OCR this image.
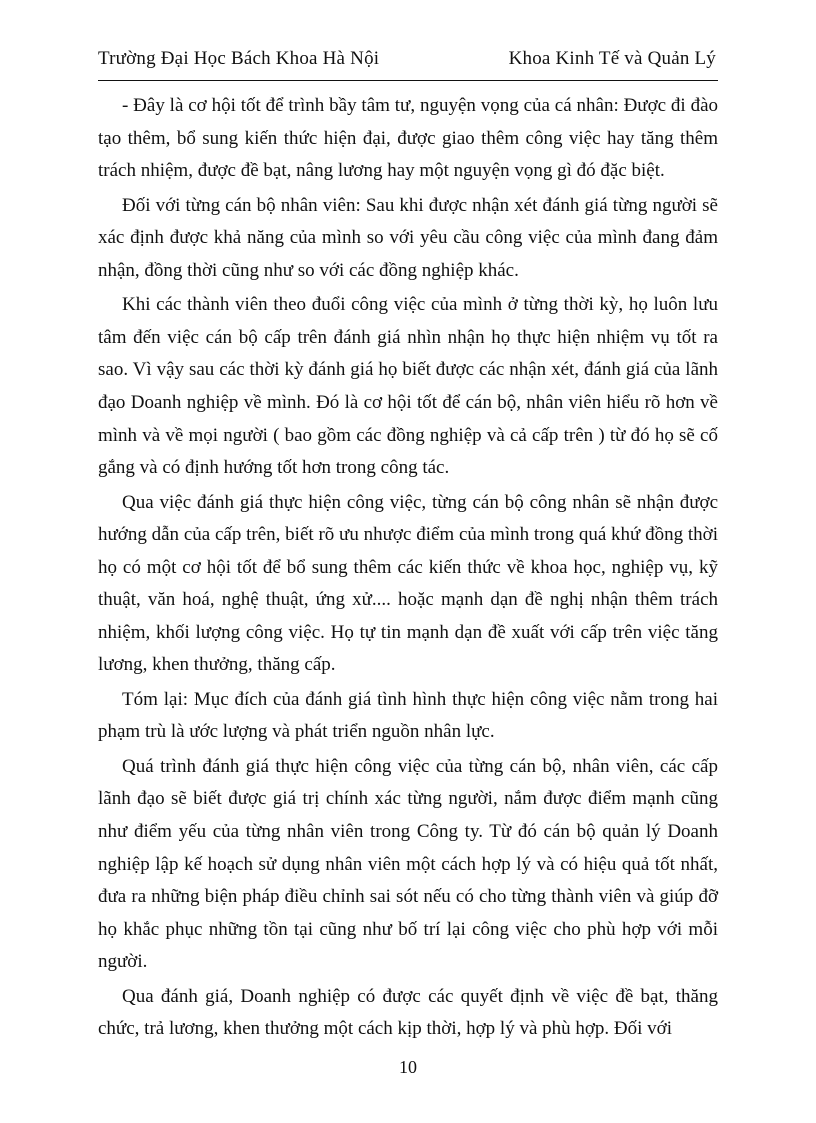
Trường Đại Học Bách Khoa Hà Nội	Khoa Kinh Tế và Quản Lý

- Đây là cơ hội tốt để trình bầy tâm tư, nguyện vọng của cá nhân: Được đi đào tạo thêm, bổ sung kiến thức hiện đại, được giao thêm công việc hay tăng thêm trách nhiệm, được đề bạt, nâng lương hay một nguyện vọng gì đó đặc biệt.

Đối với từng cán bộ nhân viên: Sau khi được nhận xét đánh giá từng người sẽ xác định được khả năng của mình so với yêu cầu công việc của mình đang đảm nhận, đồng thời cũng như so với các đồng nghiệp khác.

Khi các thành viên theo đuổi công việc của mình ở từng thời kỳ, họ luôn lưu tâm đến việc cán bộ cấp trên đánh giá nhìn nhận họ thực hiện nhiệm vụ tốt ra sao. Vì vậy sau các thời kỳ đánh giá họ biết được các nhận xét, đánh giá của lãnh đạo Doanh nghiệp về mình. Đó là cơ hội tốt để cán bộ, nhân viên hiểu rõ hơn về mình và về mọi người ( bao gồm các đồng nghiệp và cả cấp trên ) từ đó họ sẽ cố gắng và có định hướng tốt hơn trong công tác.

Qua việc đánh giá thực hiện công việc, từng cán bộ công nhân sẽ nhận được hướng dẫn của cấp trên, biết rõ ưu nhược điểm của mình trong quá khứ đồng thời họ có một cơ hội tốt để bổ sung thêm các kiến thức về khoa học, nghiệp vụ, kỹ thuật, văn hoá, nghệ thuật, ứng xử.... hoặc mạnh dạn đề nghị nhận thêm trách nhiệm, khối lượng công việc. Họ tự tin mạnh dạn đề xuất với cấp trên việc tăng lương, khen thưởng, thăng cấp.

Tóm lại: Mục đích của đánh giá tình hình thực hiện công việc nằm trong hai phạm trù là ước lượng và phát triển nguồn nhân lực.

Quá trình đánh giá thực hiện công việc của từng cán bộ, nhân viên, các cấp lãnh đạo sẽ biết được giá trị chính xác từng người, nắm được điểm mạnh cũng như điểm yếu của từng nhân viên trong Công ty. Từ đó cán bộ quản lý Doanh nghiệp lập kế hoạch sử dụng nhân viên một cách hợp lý và có hiệu quả tốt nhất, đưa ra những biện pháp điều chỉnh sai sót nếu có cho từng thành viên và giúp đỡ họ khắc phục những tồn tại cũng như bố trí lại công việc cho phù hợp với mỗi người.

Qua đánh giá, Doanh nghiệp có được các quyết định về việc đề bạt, thăng chức, trả lương, khen thưởng một cách kịp thời, hợp lý và phù hợp. Đối với

10
